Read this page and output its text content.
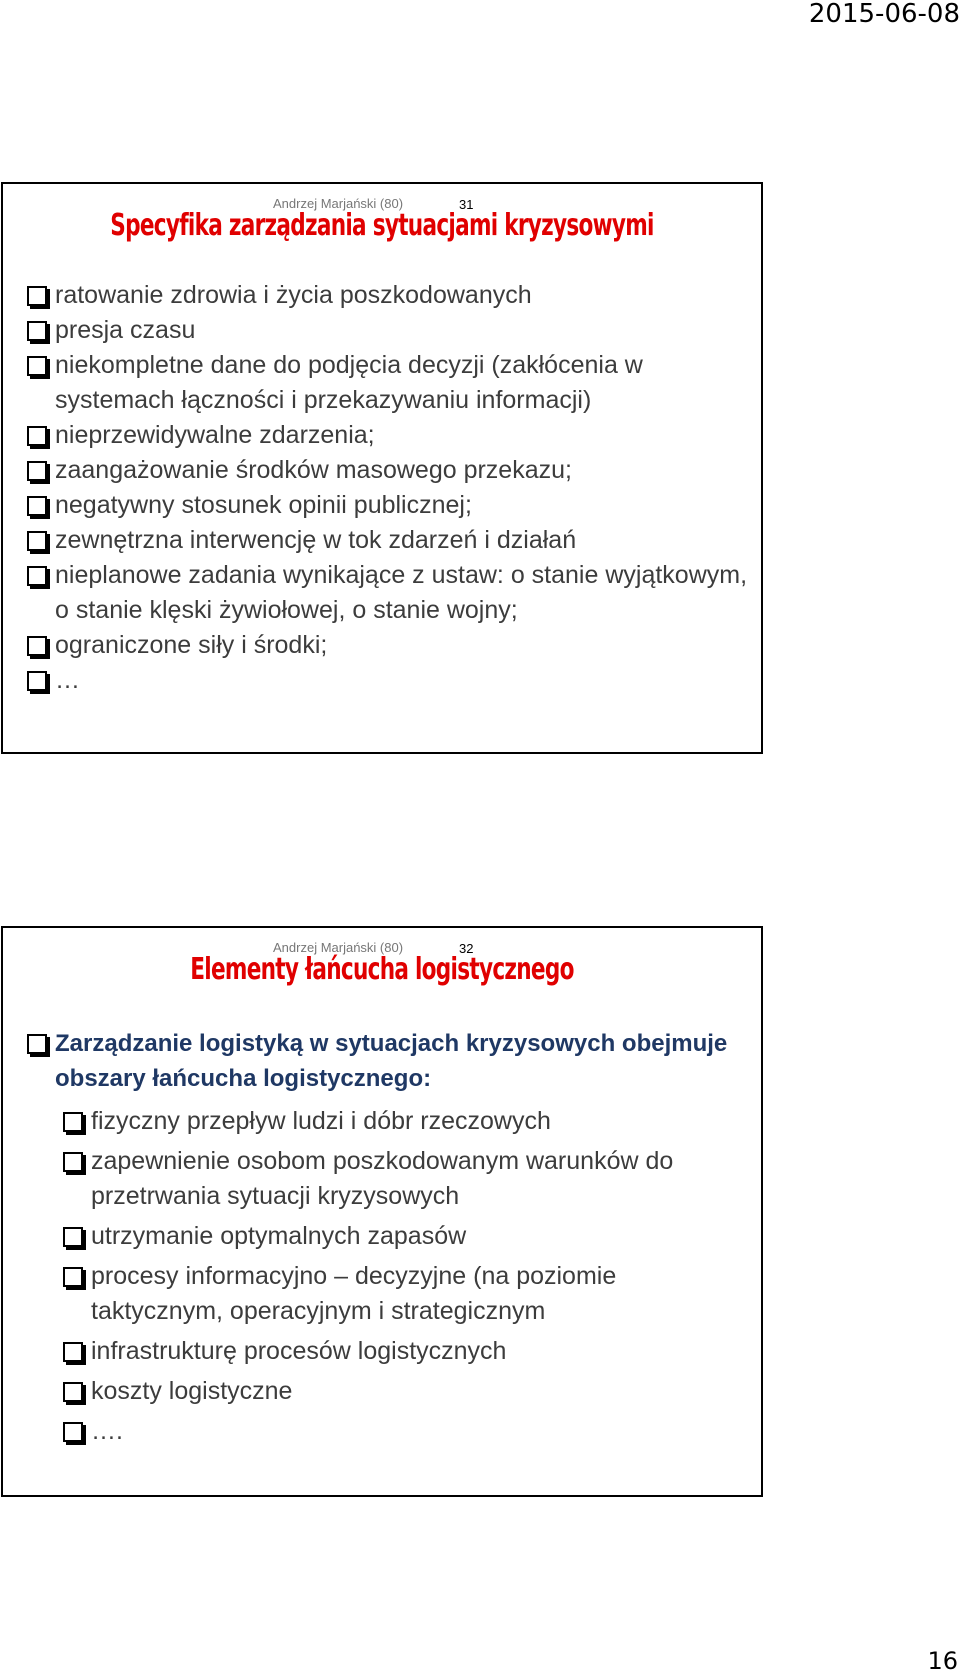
2015-06-08
Andrzej Marjański (80)	31
Specyfika zarządzania sytuacjami kryzysowymi
ratowanie zdrowia i życia poszkodowanych
presja czasu
niekompletne dane do podjęcia decyzji (zakłócenia w systemach łączności i przekazywaniu informacji)
nieprzewidywalne zdarzenia;
zaangażowanie środków masowego przekazu;
negatywny stosunek opinii publicznej;
zewnętrzna interwencję w tok zdarzeń i działań
nieplanowe zadania wynikające z ustaw: o stanie wyjątkowym, o stanie klęski żywiołowej, o stanie wojny;
ograniczone siły i środki;
…
Andrzej Marjański (80)	32
Elementy łańcucha logistycznego
Zarządzanie logistyką w sytuacjach kryzysowych obejmuje obszary łańcucha logistycznego:
fizyczny przepływ ludzi i dóbr rzeczowych
zapewnienie osobom poszkodowanym warunków do przetrwania sytuacji kryzysowych
utrzymanie optymalnych zapasów
procesy informacyjno – decyzyjne (na poziomie taktycznym, operacyjnym i strategicznym
infrastrukturę procesów logistycznych
koszty logistyczne
….
16
